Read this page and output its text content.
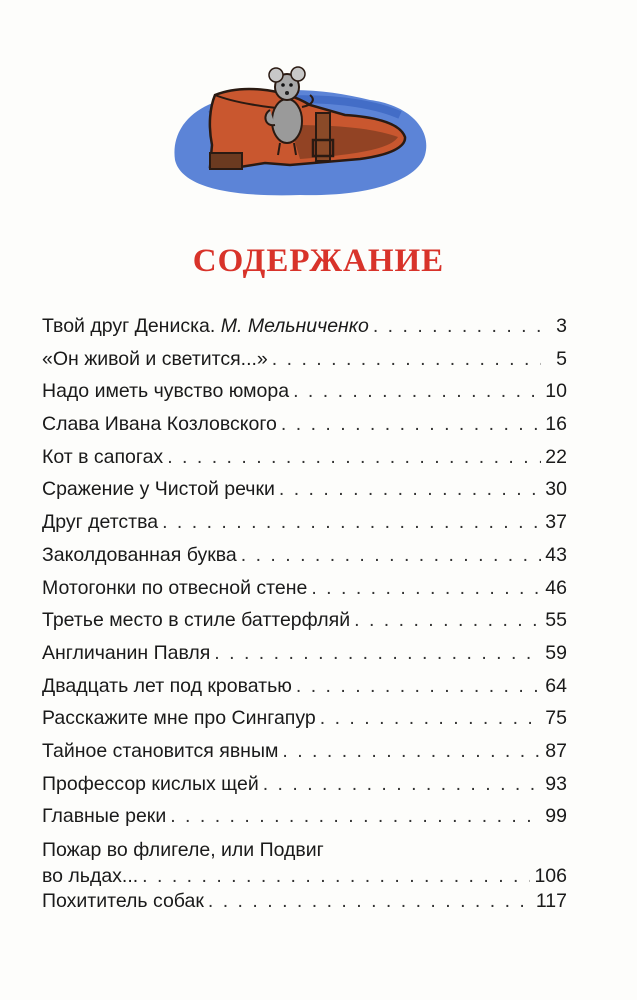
СОДЕРЖАНИЕ
Твой друг Дениска. М. Мельниченко . . .	3
«Он живой и светится...» . . .	5
Надо иметь чувство юмора . . .	10
Слава Ивана Козловского . . .	16
Кот в сапогах . . .	22
Сражение у Чистой речки . . .	30
Друг детства . . .	37
Заколдованная буква . . .	43
Мотогонки по отвесной стене . . .	46
Третье место в стиле баттерфляй . . .	55
Англичанин Павля . . .	59
Двадцать лет под кроватью . . .	64
Расскажите мне про Сингапур . . .	75
Тайное становится явным . . .	87
Профессор кислых щей . . .	93
Главные реки . . .	99
Пожар во флигеле, или Подвиг
во льдах... . . .	106
Похититель собак . . .	117
